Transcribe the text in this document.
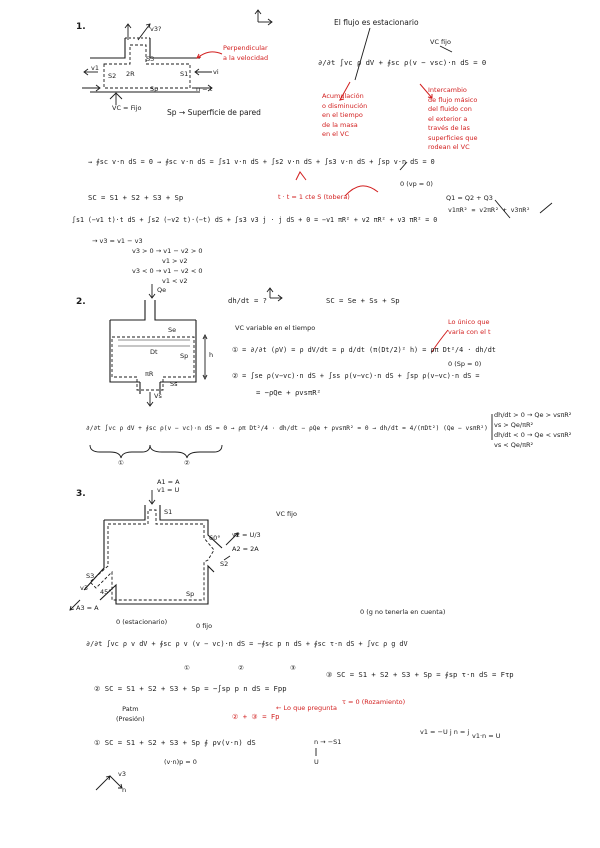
1.	v3?
S3
S1
S2 2R
v1	vi
Sp	n = t
VC = Fijo
Perpendicular
a la velocidad
Sp → Superficie de pared
El flujo es estacionario
VC fijo
∂/∂t ∫vc ρ dV + ∮sc ρ(v − vsc)·n dS = 0
Acumulación
o disminución
en el tiempo
de la masa
en el VC
Intercambio
de flujo másico
del fluido con
el exterior a
través de las
superficies que
rodean el VC
→ ∮sc v·n dS = 0 → ∮sc v·n dS = ∫s1 v·n dS + ∫s2 v·n dS + ∫s3 v·n dS + ∫sp v·n dS = 0
0 (vp = 0)
SC = S1 + S2 + S3 + Sp	t · t = 1 cte S (tobera)	Q1 = Q2 + Q3
∫s1 (−v1 t)·t dS + ∫s2 (−v2 t)·(−t) dS + ∫s3 v3 j · j dS + 0 = −v1 πR² + v2 πR² + v3 πR² = 0
v1πR² = v2πR² + v3πR²
→ v3 = v1 − v3
v3 > 0 → v1 − v2 > 0
v1 > v2
v3 < 0 → v1 − v2 < 0
v1 < v2
2.
Qe
Se
Dt	Sp	h
πR
Ss
Vs
dh/dt = ?	SC = Se + Ss + Sp
VC variable en el tiempo
Lo único que
varía con el t
① = ∂/∂t (ρV) = ρ dV/dt = ρ d/dt (π(Dt/2)² h) = ρπ Dt²/4 · dh/dt
0 (Sp = 0)
② = ∫se ρ(v−vc)·n dS + ∫ss ρ(v−vc)·n dS + ∫sp ρ(v−vc)·n dS =
= −ρQe + ρvsπR²
∂/∂t ∫vc ρ dV + ∮sc ρ(v − vc)·n dS = 0 → ρπ Dt²/4 · dh/dt − ρQe + ρvsπR² = 0 → dh/dt = 4/(πDt²) (Qe − vsπR²)
①	②
dh/dt > 0 → Qe > vsπR²
vs > Qe/πR²
dh/dt < 0 → Qe < vsπR²
vs < Qe/πR²
3.
A1 = A
v1 = U
S1	VC fijo
60° v2 = U/3
A2 = 2A
S2
S3
45°
v3
A3 = A
Sp
0 (estacionario)	0 fijo
0 (g no tenerla en cuenta)
∂/∂t ∫vc ρ v dV + ∮sc ρ v (v − vc)·n dS = −∮sc p n dS + ∮sc τ·n dS + ∫vc ρ g dV
①	②	③
② SC = S1 + S2 + S3 + Sp = −∫sp p n dS = Fpp
Patm
(Presión)
③ SC = S1 + S2 + S3 + Sp = ∮sp τ·n dS = Fτp
τ = 0 (Rozamiento)
② + ③ = Fp
← Lo que pregunta
① SC = S1 + S2 + S3 + Sp ∮ ρv(v·n) dS
(v·n)p = 0
v1 = −U j n = j v1·n = U
n → −S1
U
v3
n
